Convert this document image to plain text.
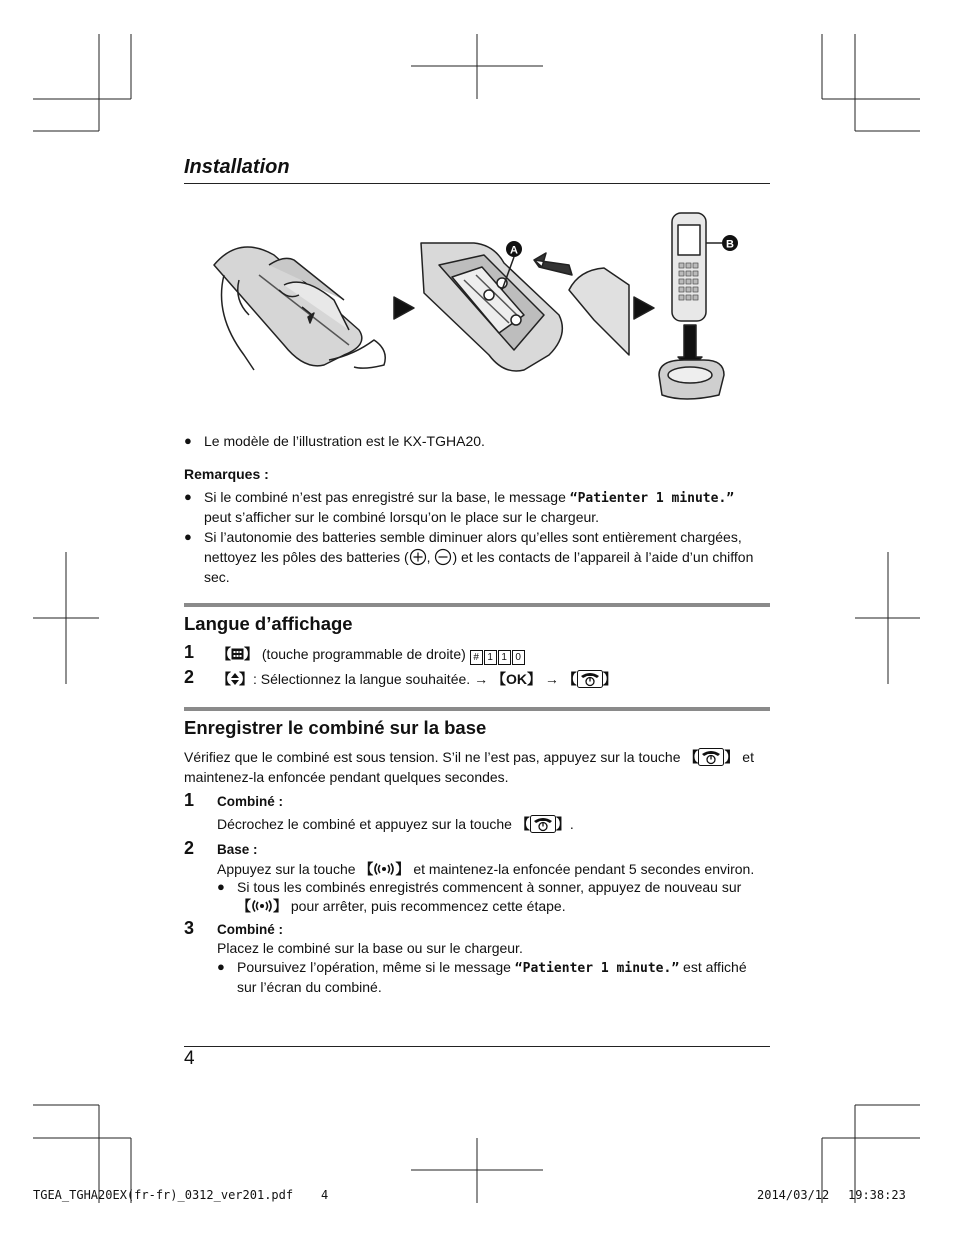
Installation
A	B
● Le modèle de l’illustration est le KX-TGHA20.
Remarques :
● Si le combiné n’est pas enregistré sur la base, le message “Patienter 1 minute.”
peut s’afficher sur le combiné lorsqu’on le place sur le chargeur.
● Si l’autonomie des batteries semble diminuer alors qu’elles sont entièrement chargées,
nettoyez les pôles des batteries ( , ) et les contacts de l’appareil à l’aide d’un chiffon
sec.
Langue d’affichage
1 【 】 (touche programmable de droite) # 1 1 0
2 【 】: Sélectionnez la langue souhaitée. → 【OK】 → 【 】
Enregistrer le combiné sur la base
Vérifiez que le combiné est sous tension. S’il ne l’est pas, appuyez sur la touche 【 】 et
maintenez-la enfoncée pendant quelques secondes.
1 Combiné :
Décrochez le combiné et appuyez sur la touche 【 】.
2 Base :
Appuyez sur la touche 【 】 et maintenez-la enfoncée pendant 5 secondes environ.
● Si tous les combinés enregistrés commencent à sonner, appuyez de nouveau sur
【 】 pour arrêter, puis recommencez cette étape.
3 Combiné :
Placez le combiné sur la base ou sur le chargeur.
● Poursuivez l’opération, même si le message “Patienter 1 minute.” est affiché
sur l’écran du combiné.
4
TGEA_TGHA20EX(fr-fr)_0312_ver201.pdf 4	2014/03/12 19:38:23
